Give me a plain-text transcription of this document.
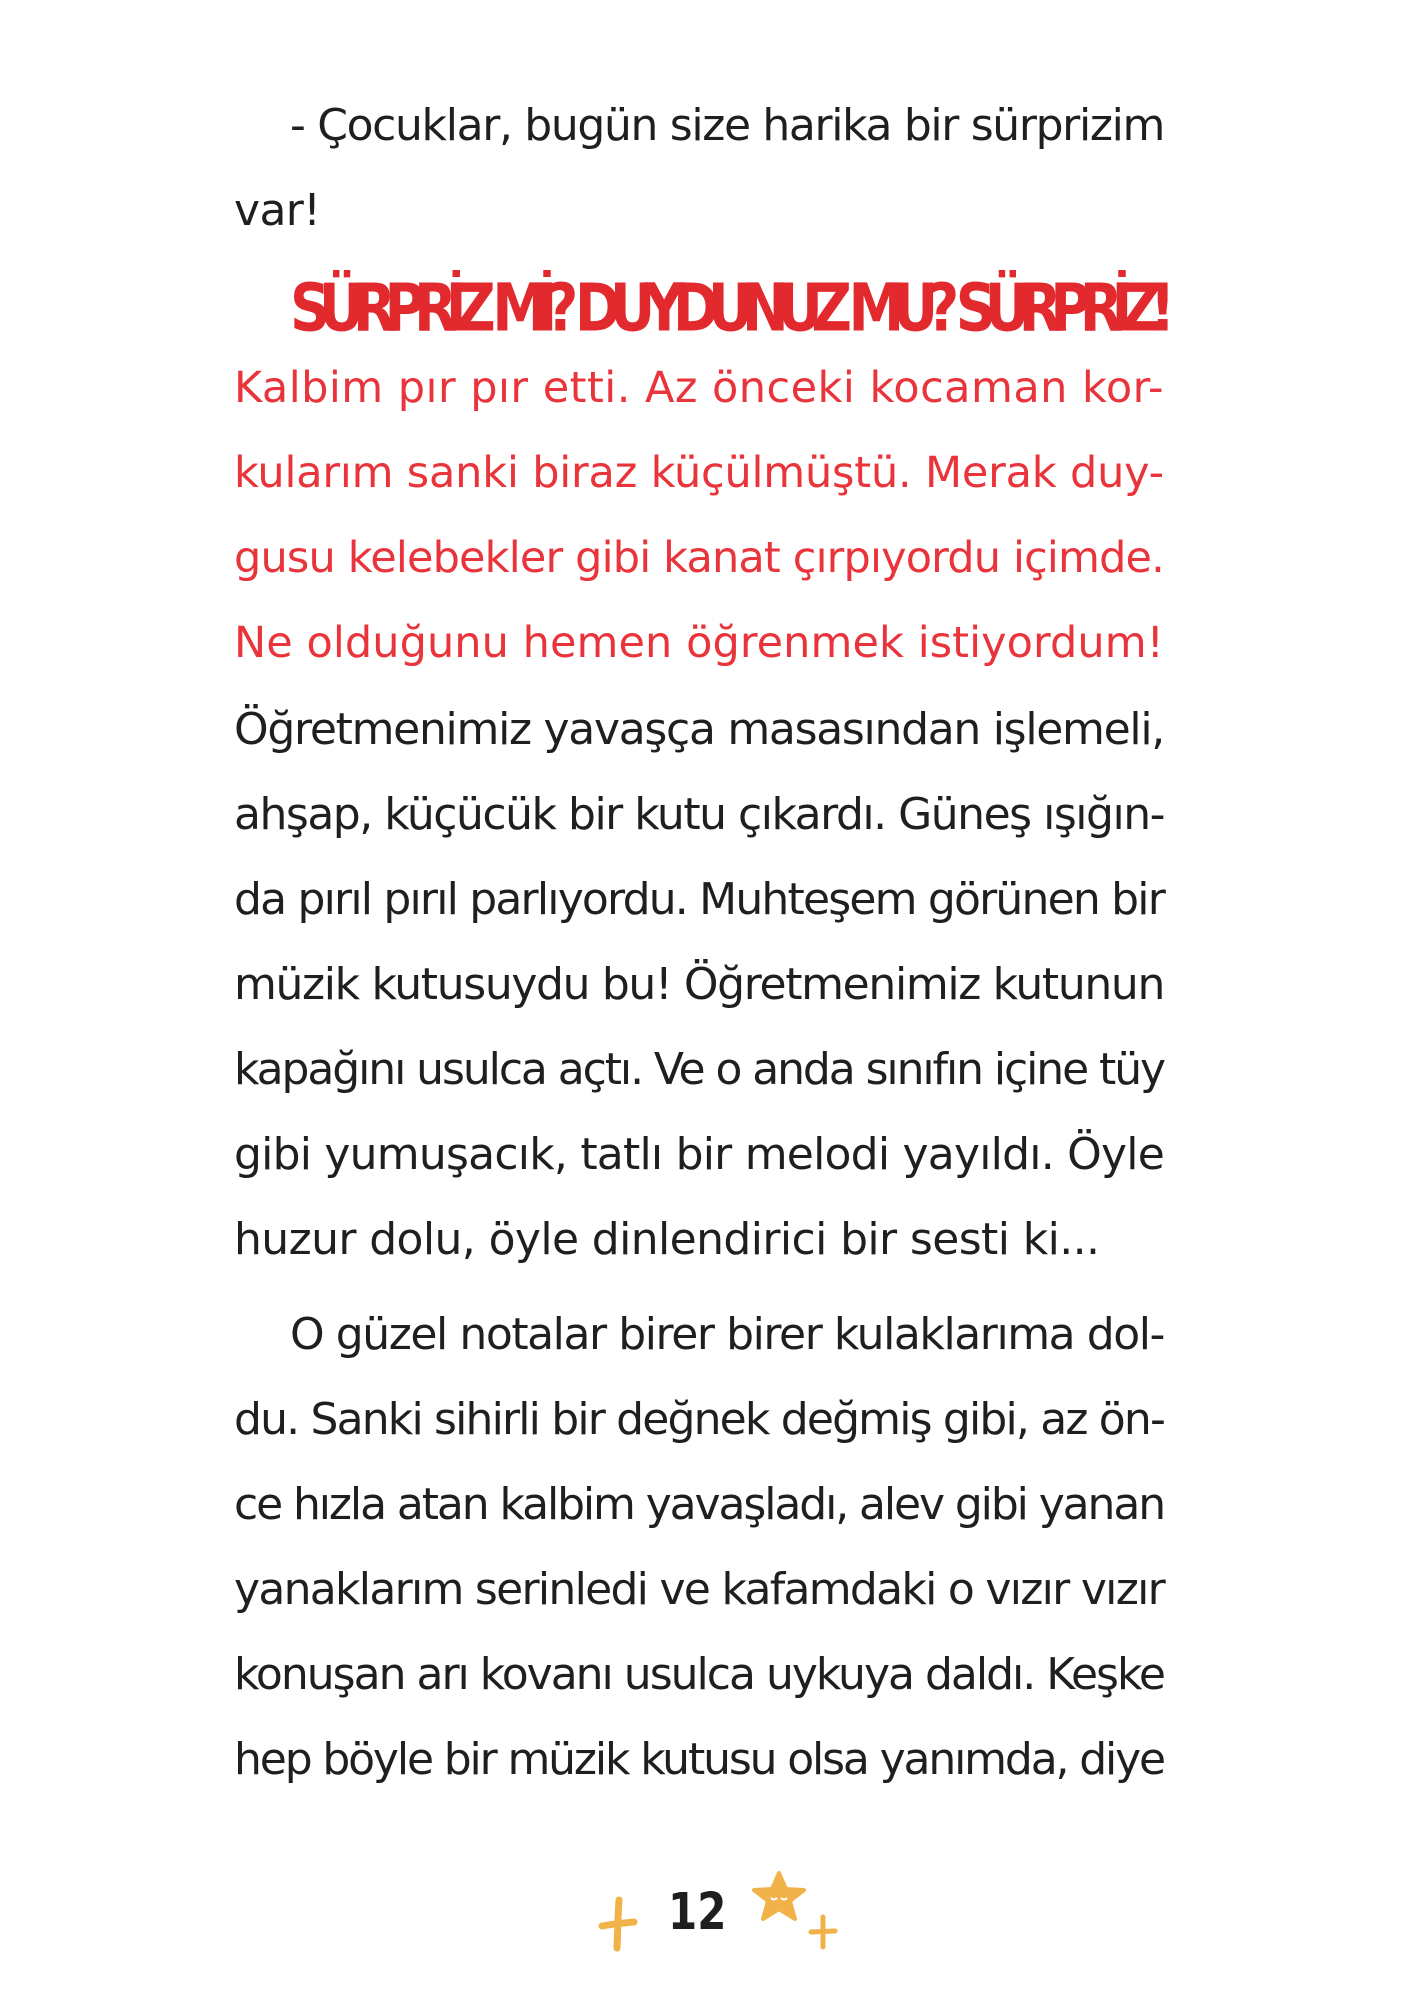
- Çocuklar, bugün size harika bir sürprizim
var!
SÜRPRİZ Mİ? DUYDUNUZ MU? SÜRPRİZ!
Kalbim pır pır etti. Az önceki kocaman kor-
kularım sanki biraz küçülmüştü. Merak duy-
gusu kelebekler gibi kanat çırpıyordu içimde.
Ne olduğunu hemen öğrenmek istiyordum!
Öğretmenimiz yavaşça masasından işlemeli,
ahşap, küçücük bir kutu çıkardı. Güneş ışığın-
da pırıl pırıl parlıyordu. Muhteşem görünen bir
müzik kutusuydu bu! Öğretmenimiz kutunun
kapağını usulca açtı. Ve o anda sınıfın içine tüy
gibi yumuşacık, tatlı bir melodi yayıldı. Öyle
huzur dolu, öyle dinlendirici bir sesti ki...
O güzel notalar birer birer kulaklarıma dol-
du. Sanki sihirli bir değnek değmiş gibi, az ön-
ce hızla atan kalbim yavaşladı, alev gibi yanan
yanaklarım serinledi ve kafamdaki o vızır vızır
konuşan arı kovanı usulca uykuya daldı. Keşke
hep böyle bir müzik kutusu olsa yanımda, diye
12
